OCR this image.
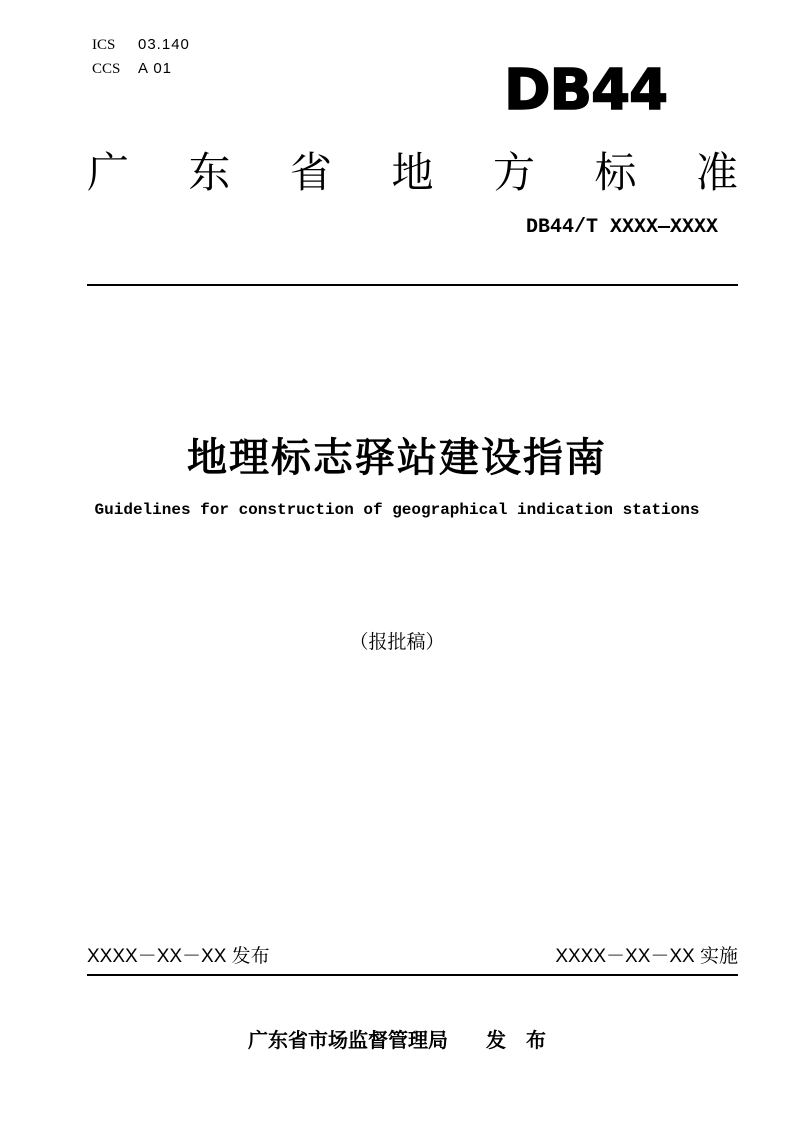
ICS 03.140
CCS A 01	DB44
广东省地方标准
DB44/T XXXX—XXXX
地理标志驿站建设指南
Guidelines for construction of geographical indication stations
（报批稿）
XXXX－XX－XX 发布	XXXX－XX－XX 实施
广东省市场监督管理局 发　布
